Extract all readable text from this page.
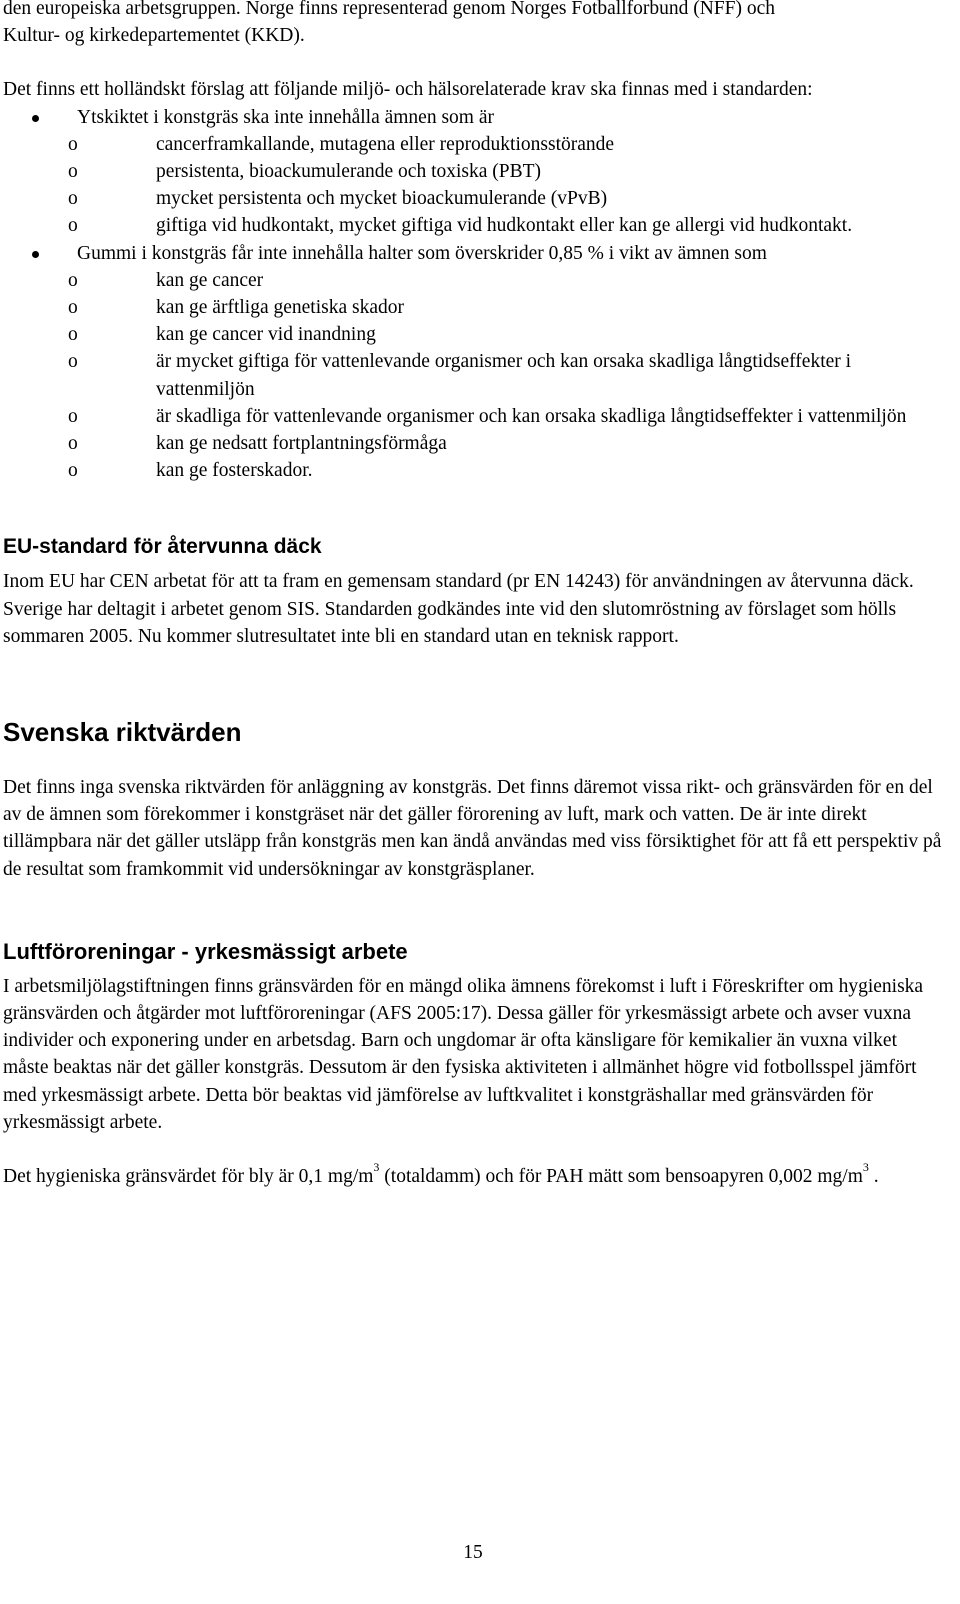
den europeiska arbetsgruppen. Norge finns representerad genom Norges Fotballforbund (NFF) och
Kultur- og kirkedepartementet (KKD).

Det finns ett holländskt förslag att följande miljö- och hälsorelaterade krav ska finnas med i standarden:

Ytskiktet i konstgräs ska inte innehålla ämnen som är
o	cancerframkallande, mutagena eller reproduktionsstörande
o	persistenta, bioackumulerande och toxiska (PBT)
o	mycket persistenta och mycket bioackumulerande (vPvB)
o	giftiga vid hudkontakt, mycket giftiga vid hudkontakt eller kan ge allergi vid hudkontakt.
Gummi i konstgräs får inte innehålla halter som överskrider 0,85 % i vikt av ämnen som
o	kan ge cancer
o	kan ge ärftliga genetiska skador
o	kan ge cancer vid inandning
o	är mycket giftiga för vattenlevande organismer och kan orsaka skadliga långtidseffekter i vattenmiljön
o	är skadliga för vattenlevande organismer och kan orsaka skadliga långtidseffekter i vattenmiljön
o	kan ge nedsatt fortplantningsförmåga
o	kan ge fosterskador.
EU-standard för återvunna däck

Inom EU har CEN arbetat för att ta fram en gemensam standard (pr EN 14243) för användningen av återvunna däck. Sverige har deltagit i arbetet genom SIS. Standarden godkändes inte vid den slutomröstning av förslaget som hölls sommaren 2005. Nu kommer slutresultatet inte bli en standard utan en teknisk rapport.

Svenska riktvärden

Det finns inga svenska riktvärden för anläggning av konstgräs. Det finns däremot vissa rikt- och gränsvärden för en del av de ämnen som förekommer i konstgräset när det gäller förorening av luft, mark och vatten. De är inte direkt tillämpbara när det gäller utsläpp från konstgräs men kan ändå användas med viss försiktighet för att få ett perspektiv på de resultat som framkommit vid undersökningar av konstgräsplaner.

Luftföroreningar - yrkesmässigt arbete

I arbetsmiljölagstiftningen finns gränsvärden för en mängd olika ämnens förekomst i luft i Föreskrifter om hygieniska gränsvärden och åtgärder mot luftföroreningar (AFS 2005:17). Dessa gäller för yrkesmässigt arbete och avser vuxna individer och exponering under en arbetsdag. Barn och ungdomar är ofta känsligare för kemikalier än vuxna vilket måste beaktas när det gäller konstgräs. Dessutom är den fysiska aktiviteten i allmänhet högre vid fotbollsspel jämfört med yrkesmässigt arbete. Detta bör beaktas vid jämförelse av luftkvalitet i konstgräshallar med gränsvärden för yrkesmässigt arbete.

Det hygieniska gränsvärdet för bly är 0,1 $mg/m^3$ (totaldamm) och för PAH mätt som bensoapyren 0,002 $mg/m^3$ .

15
